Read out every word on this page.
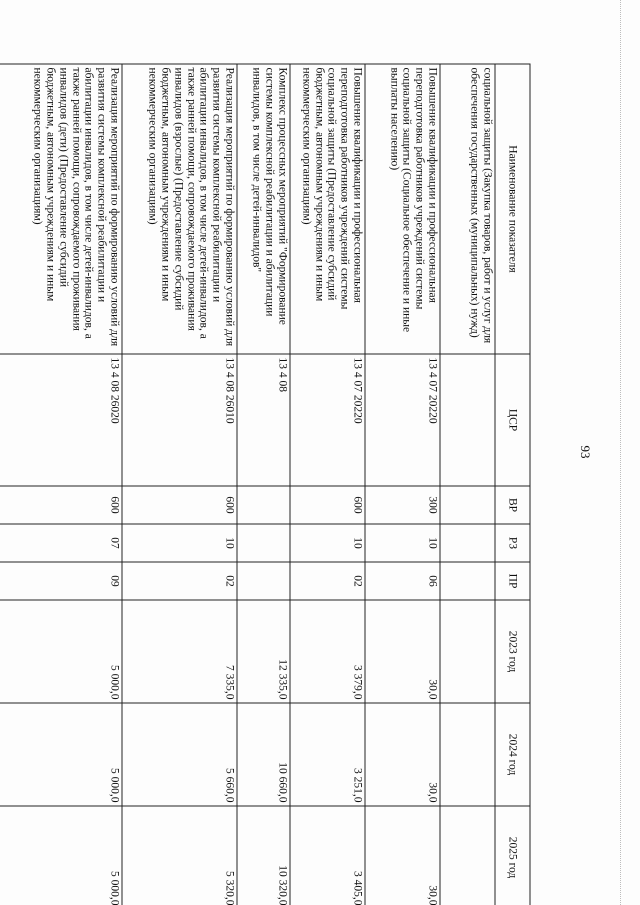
93
Наименование показателя	ЦСР	ВР	РЗ	ПР	2023 год	2024 год	2025 год
социальной защиты (Закупка товаров, работ и услуг для обеспечения государственных (муниципальных) нужд)							
Повышение квалификации и профессиональная переподготовка работников учреждений системы социальной защиты (Социальное обеспечение и иные выплаты населению)	13 4 07 20220	300	10	06	30,0	30,0	30,0
Повышение квалификации и профессиональная переподготовка работников учреждений системы социальной защиты (Предоставление субсидий бюджетным, автономным учреждениям и иным некоммерческим организациям)	13 4 07 20220	600	10	02	3 379,0	3 251,0	3 405,0
Комплекс процессных мероприятий "Формирование системы комплексной реабилитации и абилитации инвалидов, в том числе детей-инвалидов"	13 4 08				12 335,0	10 660,0	10 320,0
Реализация мероприятий по формированию условий для развития системы комплексной реабилитации и абилитации инвалидов, в том числе детей-инвалидов, а также ранней помощи, сопровождаемого проживания инвалидов (взрослые) (Предоставление субсидий бюджетным, автономным учреждениям и иным некоммерческим организациям)	13 4 08 26010	600	10	02	7 335,0	5 660,0	5 320,0
Реализация мероприятий по формированию условий для развития системы комплексной реабилитации и абилитации инвалидов, в том числе детей-инвалидов, а также ранней помощи, сопровождаемого проживания инвалидов (дети) (Предоставление субсидий бюджетным, автономным учреждениям и иным некоммерческим организациям)	13 4 08 26020	600	07	09	5 000,0	5 000,0	5 000,0
